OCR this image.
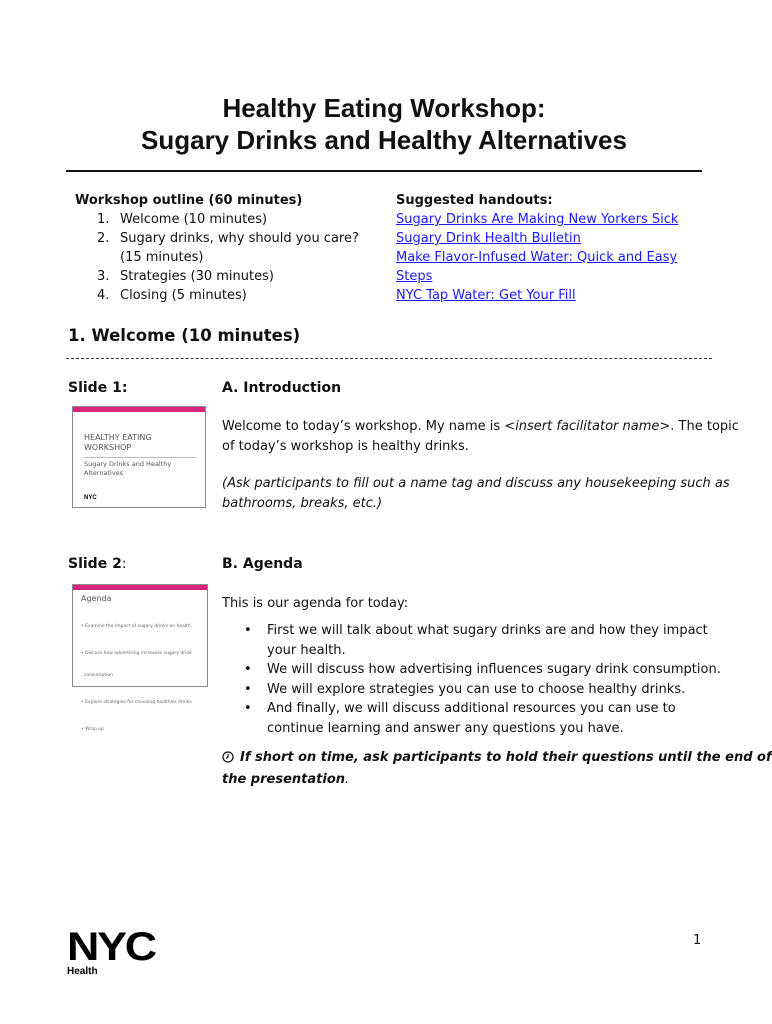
Healthy Eating Workshop:
Sugary Drinks and Healthy Alternatives
Workshop outline (60 minutes)
1. Welcome (10 minutes)
2. Sugary drinks, why should you care?
(15 minutes)
3. Strategies (30 minutes)
4. Closing (5 minutes)
Suggested handouts:
Sugary Drinks Are Making New Yorkers Sick
Sugary Drink Health Bulletin
Make Flavor-Infused Water: Quick and Easy
Steps
NYC Tap Water: Get Your Fill
1. Welcome (10 minutes)
Slide 1:
HEALTHY EATING
WORKSHOP
Sugary Drinks and Healthy
Alternatives
NYC
A. Introduction
Welcome to today’s workshop. My name is <insert facilitator name>. The topic
of today’s workshop is healthy drinks.
(Ask participants to fill out a name tag and discuss any housekeeping such as
bathrooms, breaks, etc.)
Slide 2:
Agenda

• Examine the impact of sugary drinks on health

• Discuss how advertising increases sugary drink

consumption

• Explore strategies for choosing healthier drinks

• Wrap up

B. Agenda
This is our agenda for today:
• First we will talk about what sugary drinks are and how they impact
your health.
• We will discuss how advertising influences sugary drink consumption.
• We will explore strategies you can use to choose healthy drinks.
• And finally, we will discuss additional resources you can use to
continue learning and answer any questions you have.
If short on time, ask participants to hold their questions until the end of
the presentation.
NYC
Health
1
